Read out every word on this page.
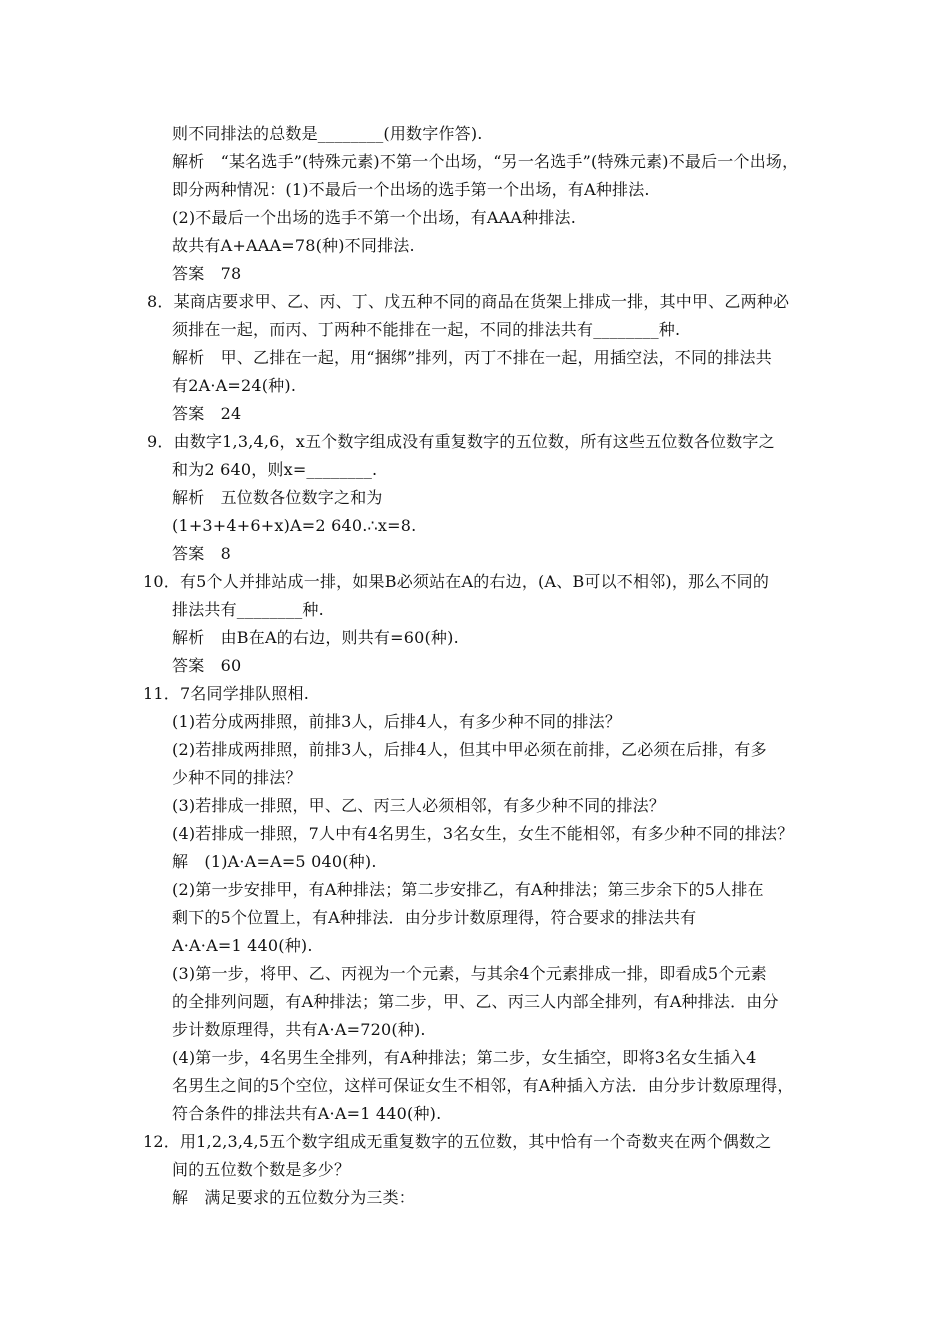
则不同排法的总数是________(用数字作答).
解析　“某名选手”(特殊元素)不第一个出场，“另一名选手”(特殊元素)不最后一个出场，
即分两种情况：(1)不最后一个出场的选手第一个出场，有A种排法.
(2)不最后一个出场的选手不第一个出场，有AAA种排法.
故共有A+AAA=78(种)不同排法.
答案　78
8．某商店要求甲、乙、丙、丁、戊五种不同的商品在货架上排成一排，其中甲、乙两种必
须排在一起，而丙、丁两种不能排在一起，不同的排法共有________种.
解析　甲、乙排在一起，用“捆绑”排列，丙丁不排在一起，用插空法，不同的排法共
有2A·A=24(种).
答案　24
9．由数字1,3,4,6，x五个数字组成没有重复数字的五位数，所有这些五位数各位数字之
和为2 640，则x=________.
解析　五位数各位数字之和为
(1+3+4+6+x)A=2 640.∴x=8.
答案　8
10．有5个人并排站成一排，如果B必须站在A的右边，(A、B可以不相邻)，那么不同的
排法共有________种.
解析　由B在A的右边，则共有=60(种).
答案　60
11．7名同学排队照相.
(1)若分成两排照，前排3人，后排4人，有多少种不同的排法？
(2)若排成两排照，前排3人，后排4人，但其中甲必须在前排，乙必须在后排，有多
少种不同的排法？
(3)若排成一排照，甲、乙、丙三人必须相邻，有多少种不同的排法？
(4)若排成一排照，7人中有4名男生，3名女生，女生不能相邻，有多少种不同的排法？
解　(1)A·A=A=5 040(种).
(2)第一步安排甲，有A种排法；第二步安排乙，有A种排法；第三步余下的5人排在
剩下的5个位置上，有A种排法．由分步计数原理得，符合要求的排法共有
A·A·A=1 440(种).
(3)第一步，将甲、乙、丙视为一个元素，与其余4个元素排成一排，即看成5个元素
的全排列问题，有A种排法；第二步，甲、乙、丙三人内部全排列，有A种排法．由分
步计数原理得，共有A·A=720(种).
(4)第一步，4名男生全排列，有A种排法；第二步，女生插空，即将3名女生插入4
名男生之间的5个空位，这样可保证女生不相邻，有A种插入方法．由分步计数原理得，
符合条件的排法共有A·A=1 440(种).
12．用1,2,3,4,5五个数字组成无重复数字的五位数，其中恰有一个奇数夹在两个偶数之
间的五位数个数是多少？
解　满足要求的五位数分为三类：
